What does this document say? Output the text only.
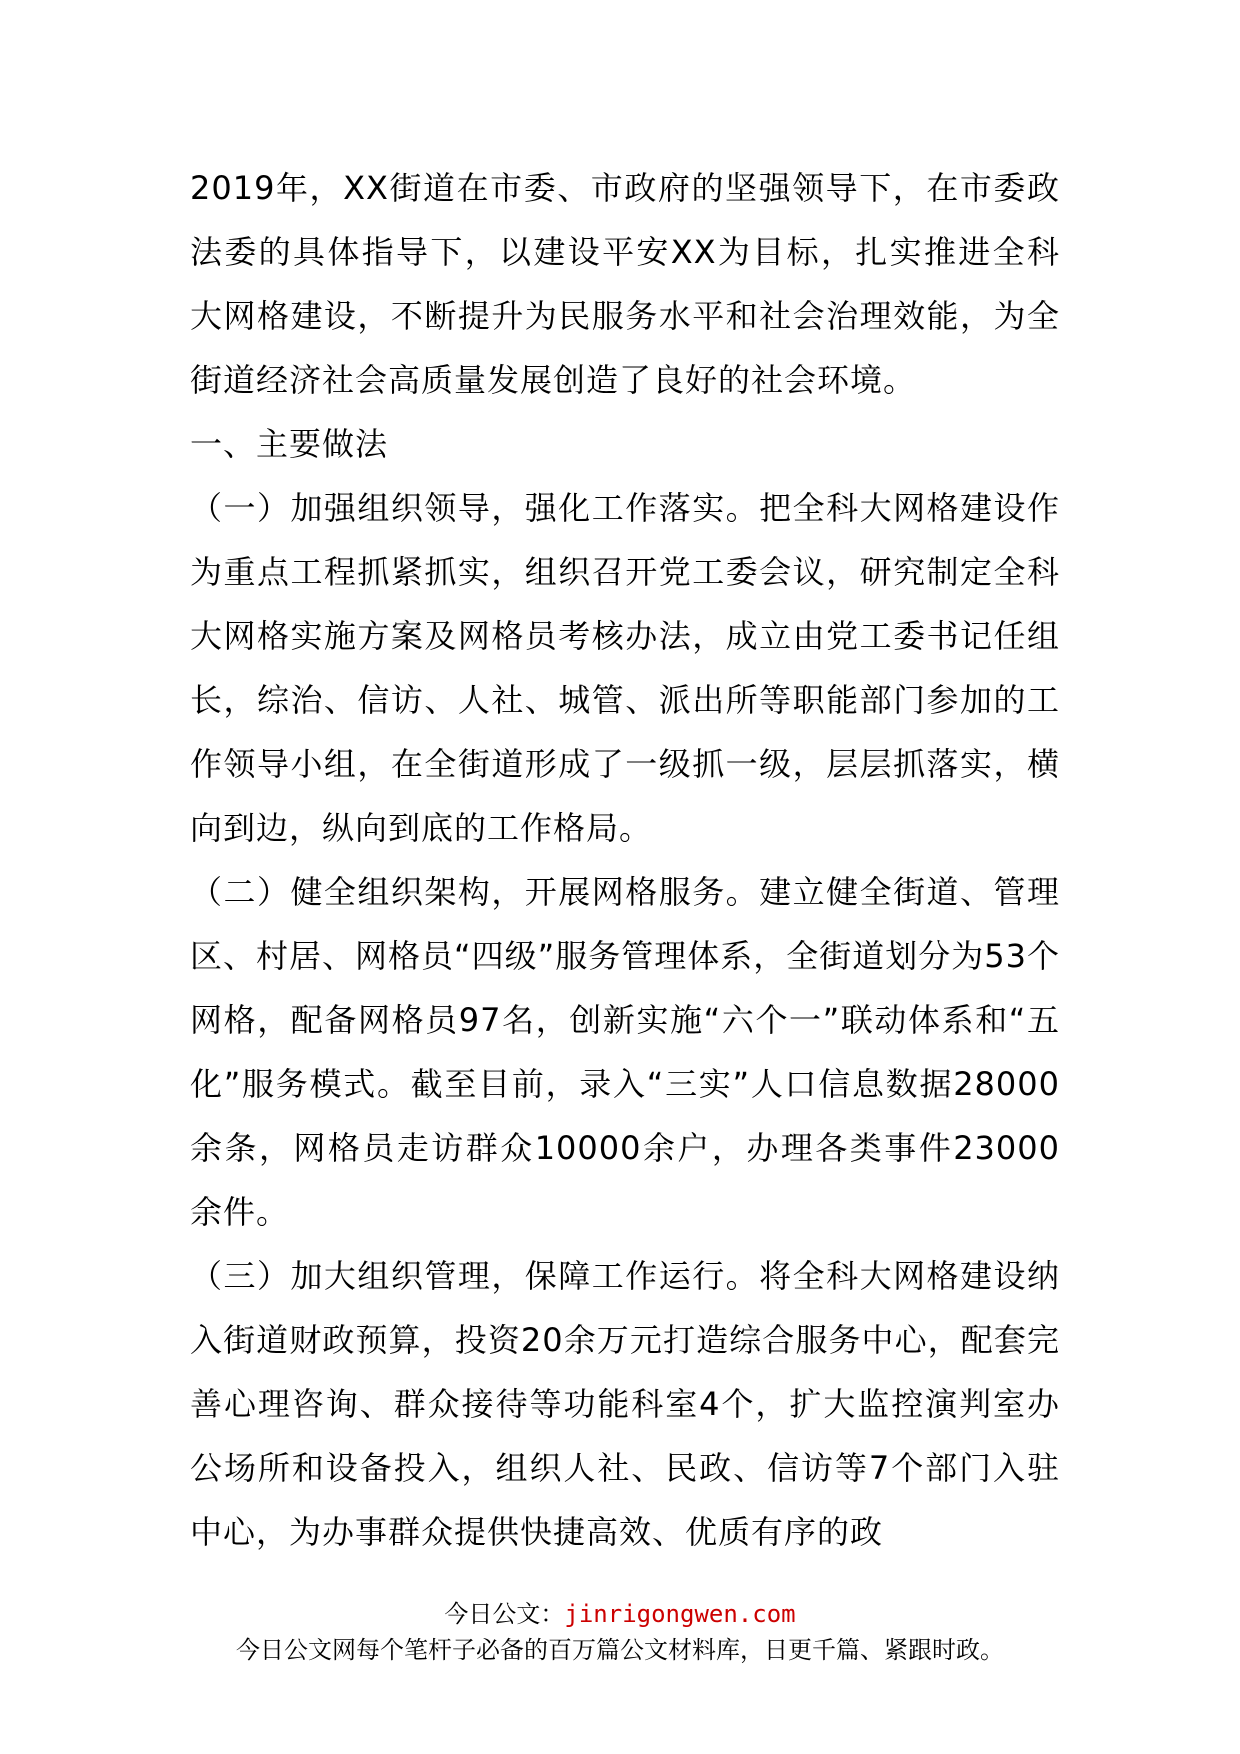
2019年，XX街道在市委、市政府的坚强领导下，在市委政法委的具体指导下，以建设平安XX为目标，扎实推进全科大网格建设，不断提升为民服务水平和社会治理效能，为全街道经济社会高质量发展创造了良好的社会环境。

一、主要做法

（一）加强组织领导，强化工作落实。把全科大网格建设作为重点工程抓紧抓实，组织召开党工委会议，研究制定全科大网格实施方案及网格员考核办法，成立由党工委书记任组长，综治、信访、人社、城管、派出所等职能部门参加的工作领导小组，在全街道形成了一级抓一级，层层抓落实，横向到边，纵向到底的工作格局。

（二）健全组织架构，开展网格服务。建立健全街道、管理区、村居、网格员“四级”服务管理体系，全街道划分为53个网格，配备网格员97名，创新实施“六个一”联动体系和“五化”服务模式。截至目前，录入“三实”人口信息数据28000余条，网格员走访群众10000余户，办理各类事件23000余件。

（三）加大组织管理，保障工作运行。将全科大网格建设纳入街道财政预算，投资20余万元打造综合服务中心，配套完善心理咨询、群众接待等功能科室4个，扩大监控演判室办公场所和设备投入，组织人社、民政、信访等7个部门入驻中心，为办事群众提供快捷高效、优质有序的政

今日公文：jinrigongwen.com
今日公文网每个笔杆子必备的百万篇公文材料库，日更千篇、紧跟时政。
